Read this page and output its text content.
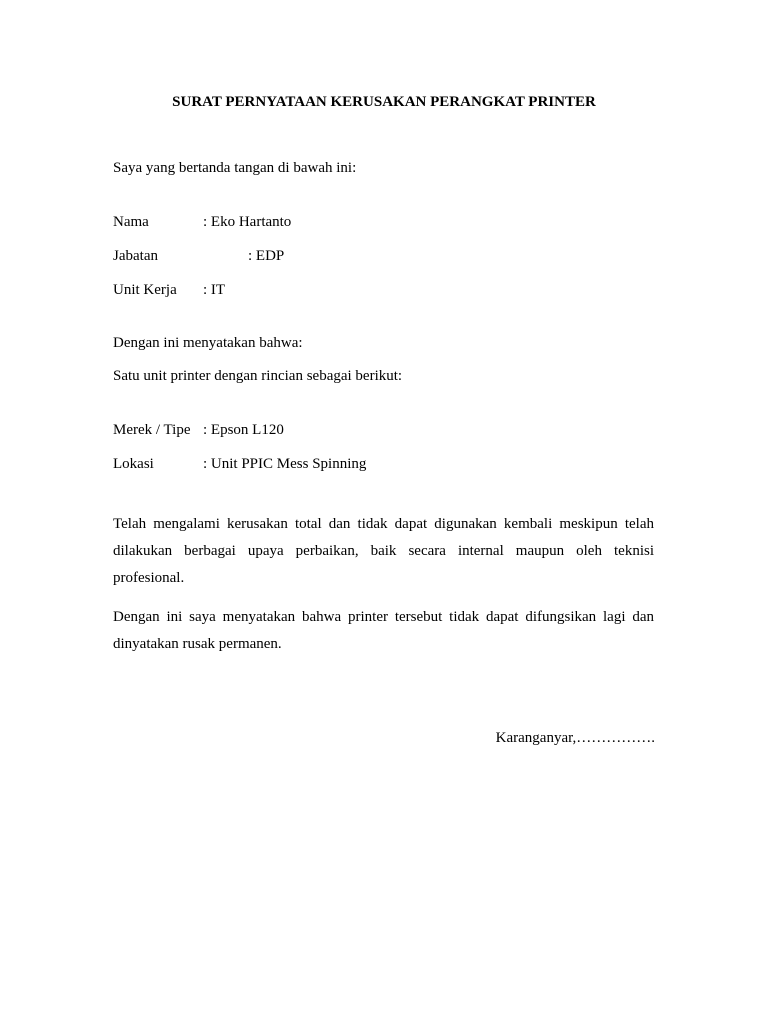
SURAT PERNYATAAN KERUSAKAN PERANGKAT PRINTER
Saya yang bertanda tangan di bawah ini:
Nama	: Eko Hartanto
Jabatan	: EDP
Unit Kerja : IT
Dengan ini menyatakan bahwa:
Satu unit printer dengan rincian sebagai berikut:
Merek / Tipe : Epson L120
Lokasi	: Unit PPIC Mess Spinning
Telah mengalami kerusakan total dan tidak dapat digunakan kembali meskipun telah dilakukan berbagai upaya perbaikan, baik secara internal maupun oleh teknisi profesional.
Dengan ini saya menyatakan bahwa printer tersebut tidak dapat difungsikan lagi dan dinyatakan rusak permanen.
Karanganyar,…………….
